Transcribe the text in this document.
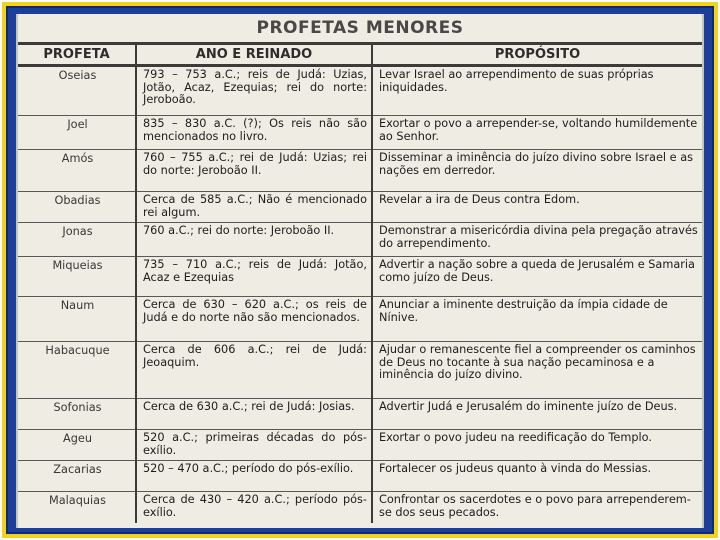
PROFETAS MENORES
PROFETA	ANO E REINADO	PROPÓSITO
Oseias	793 – 753 a.C.; reis de Judá: Uzias, Jotão, Acaz, Ezequias; rei do norte: Jeroboão.	Levar Israel ao arrependimento de suas próprias iniquidades.
Joel	835 – 830 a.C. (?); Os reis não são mencionados no livro.	Exortar o povo a arrepender-se, voltando humildemente ao Senhor.
Amós	760 – 755 a.C.; rei de Judá: Uzias; rei do norte: Jeroboão II.	Disseminar a iminência do juízo divino sobre Israel e as nações em derredor.
Obadias	Cerca de 585 a.C.; Não é mencionado rei algum.	Revelar a ira de Deus contra Edom.
Jonas	760 a.C.; rei do norte: Jeroboão II.	Demonstrar a misericórdia divina pela pregação através do arrependimento.
Miqueias	735 – 710 a.C.; reis de Judá: Jotão, Acaz e Ezequias	Advertir a nação sobre a queda de Jerusalém e Samaria como juízo de Deus.
Naum	Cerca de 630 – 620 a.C.; os reis de Judá e do norte não são mencionados.	Anunciar a iminente destruição da ímpia cidade de Nínive.
Habacuque	Cerca de 606 a.C.; rei de Judá: Jeoaquim.	Ajudar o remanescente fiel a compreender os caminhos de Deus no tocante à sua nação pecaminosa e a iminência do juízo divino.
Sofonias	Cerca de 630 a.C.; rei de Judá: Josias.	Advertir Judá e Jerusalém do iminente juízo de Deus.
Ageu	520 a.C.; primeiras décadas do pós-exílio.	Exortar o povo judeu na reedificação do Templo.
Zacarias	520 – 470 a.C.; período do pós-exílio.	Fortalecer os judeus quanto à vinda do Messias.
Malaquias	Cerca de 430 – 420 a.C.; período pós-exílio.	Confrontar os sacerdotes e o povo para arrependerem-se dos seus pecados.
